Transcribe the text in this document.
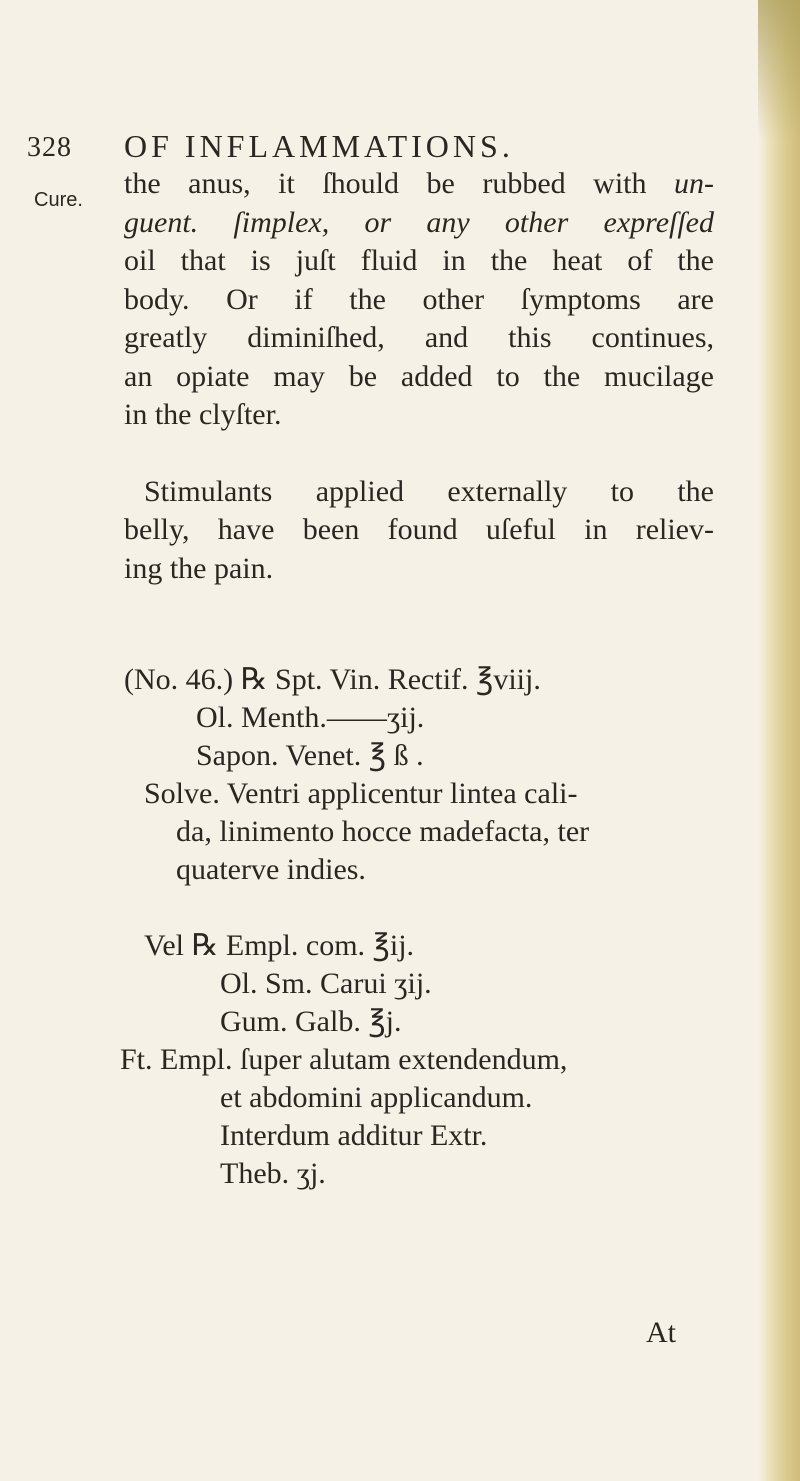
328 OF INFLAMMATIONS.
Cure. the anus, it ſhould be rubbed with un-
guent. ſimplex, or any other expreſſed
oil that is juſt fluid in the heat of the
body. Or if the other ſymptoms are
greatly diminiſhed, and this continues,
an opiate may be added to the mucilage
in the clyſter.
Stimulants applied externally to the
belly, have been found uſeful in reliev-
ing the pain.
(No. 46.) ℞ Spt. Vin. Rectif. ℥viij.
Ol. Menth.——ʒij.
Sapon. Venet. ℥ ß .
Solve. Ventri applicentur lintea cali-
da, linimento hocce madefacta, ter
quaterve indies.
Vel ℞ Empl. com. ℥ij.
Ol. Sm. Carui ʒij.
Gum. Galb. ℥j.
Ft. Empl. ſuper alutam extendendum,
et abdomini applicandum.
Interdum additur Extr.
Theb. ʒj.
At
